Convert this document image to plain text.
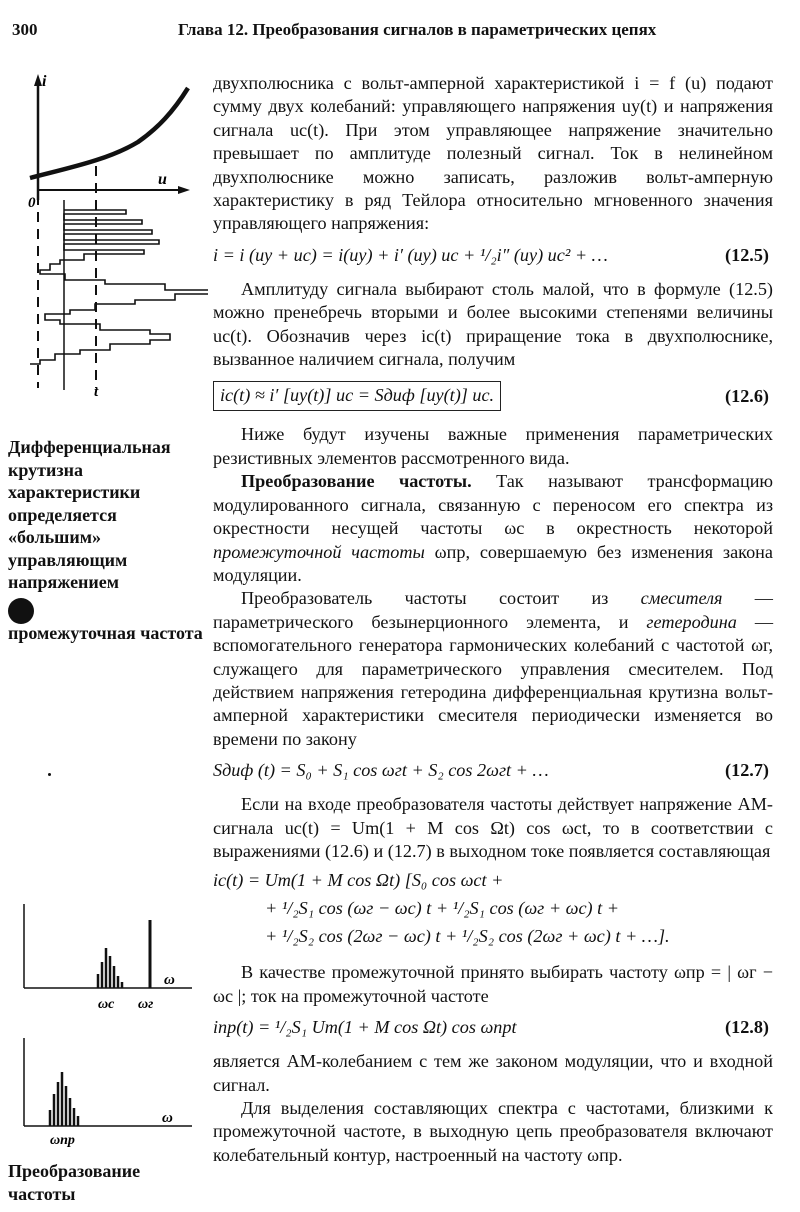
300	Глава 12. Преобразования сигналов в параметрических цепях
i
u
0
t
Дифференциальная крутизна характеристики определяется «большим» управляющим напряжением
промежуточная частота
ω
ωс ωг
ω
ωпр
Преобразование частоты

двухполюсника с вольт-амперной характеристикой i = f (u) подают сумму двух колебаний: управляющего напряжения uу(t) и напряжения сигнала uс(t). При этом управляющее напряжение значительно превышает по амплитуде полезный сигнал. Ток в нелинейном двухполюснике можно записать, разложив вольт-амперную характеристику в ряд Тейлора относительно мгновенного значения управляющего напряжения:

i = i (uу + uс) = i(uу) + i′ (uу) uс + ¹/₂i″ (uу) uс² + …	(12.5)

Амплитуду сигнала выбирают столь малой, что в формуле (12.5) можно пренебречь вторыми и более высокими степенями величины uс(t). Обозначив через iс(t) приращение тока в двухполюснике, вызванное наличием сигнала, получим

iс(t) ≈ i′ [uу(t)] uс = Sдиф [uу(t)] uс.	(12.6)

Ниже будут изучены важные применения параметрических резистивных элементов рассмотренного вида.

Преобразование частоты. Так называют трансформацию модулированного сигнала, связанную с переносом его спектра из окрестности несущей частоты ωс в окрестность некоторой промежуточной частоты ωпр, совершаемую без изменения закона модуляции.

Преобразователь частоты состоит из смесителя — параметрического безынерционного элемента, и гетеродина — вспомогательного генератора гармонических колебаний с частотой ωг, служащего для параметрического управления смесителем. Под действием напряжения гетеродина дифференциальная крутизна вольт-амперной характеристики смесителя периодически изменяется во времени по закону

Sдиф (t) = S₀ + S₁ cos ωгt + S₂ cos 2ωгt + …	(12.7)

Если на входе преобразователя частоты действует напряжение АМ-сигнала uс(t) = Um(1 + M cos Ωt) cos ωсt, то в соответствии с выражениями (12.6) и (12.7) в выходном токе появляется составляющая

iс(t) = Um(1 + M cos Ωt) [S₀ cos ωсt +
+ ¹/₂S₁ cos (ωг − ωс) t + ¹/₂S₁ cos (ωг + ωс) t +
+ ¹/₂S₂ cos (2ωг − ωс) t + ¹/₂S₂ cos (2ωг + ωс) t + …].

В качестве промежуточной принято выбирать частоту ωпр = | ωг − ωс |; ток на промежуточной частоте

iпр(t) = ¹/₂S₁ Um(1 + M cos Ωt) cos ωпрt	(12.8)

является АМ-колебанием с тем же законом модуляции, что и входной сигнал.

Для выделения составляющих спектра с частотами, близкими к промежуточной частоте, в выходную цепь преобразователя включают колебательный контур, настроенный на частоту ωпр.
